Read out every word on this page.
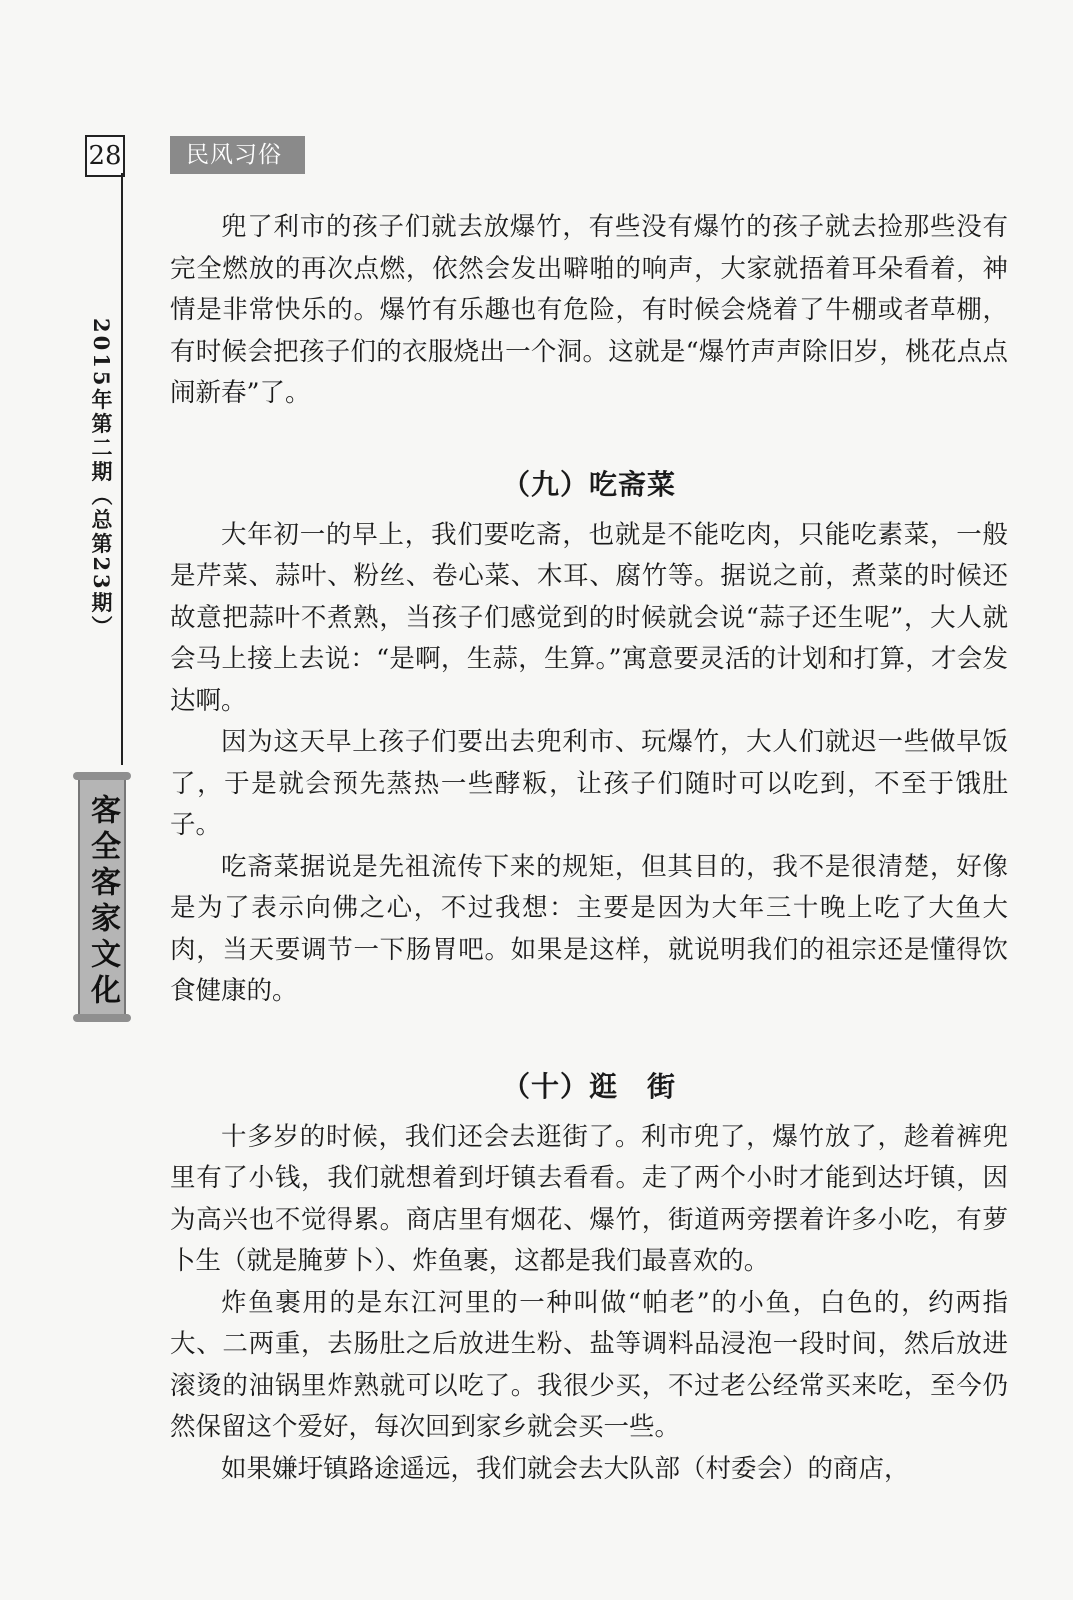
28	民风习俗
2015年第二期（总第23期）
客全客家文化

兜了利市的孩子们就去放爆竹，有些没有爆竹的孩子就去捡那些没有完全燃放的再次点燃，依然会发出噼啪的响声，大家就捂着耳朵看着，神情是非常快乐的。爆竹有乐趣也有危险，有时候会烧着了牛棚或者草棚，有时候会把孩子们的衣服烧出一个洞。这就是“爆竹声声除旧岁，桃花点点闹新春”了。

（九）吃斋菜

大年初一的早上，我们要吃斋，也就是不能吃肉，只能吃素菜，一般是芹菜、蒜叶、粉丝、卷心菜、木耳、腐竹等。据说之前，煮菜的时候还故意把蒜叶不煮熟，当孩子们感觉到的时候就会说“蒜子还生呢”，大人就会马上接上去说：“是啊，生蒜，生算。”寓意要灵活的计划和打算，才会发达啊。

因为这天早上孩子们要出去兜利市、玩爆竹，大人们就迟一些做早饭了，于是就会预先蒸热一些酵粄，让孩子们随时可以吃到，不至于饿肚子。

吃斋菜据说是先祖流传下来的规矩，但其目的，我不是很清楚，好像是为了表示向佛之心，不过我想：主要是因为大年三十晚上吃了大鱼大肉，当天要调节一下肠胃吧。如果是这样，就说明我们的祖宗还是懂得饮食健康的。

（十）逛　街

十多岁的时候，我们还会去逛街了。利市兜了，爆竹放了，趁着裤兜里有了小钱，我们就想着到圩镇去看看。走了两个小时才能到达圩镇，因为高兴也不觉得累。商店里有烟花、爆竹，街道两旁摆着许多小吃，有萝卜生（就是腌萝卜）、炸鱼裹，这都是我们最喜欢的。

炸鱼裹用的是东江河里的一种叫做“帕老”的小鱼，白色的，约两指大、二两重，去肠肚之后放进生粉、盐等调料品浸泡一段时间，然后放进滚烫的油锅里炸熟就可以吃了。我很少买，不过老公经常买来吃，至今仍然保留这个爱好，每次回到家乡就会买一些。

如果嫌圩镇路途遥远，我们就会去大队部（村委会）的商店，
